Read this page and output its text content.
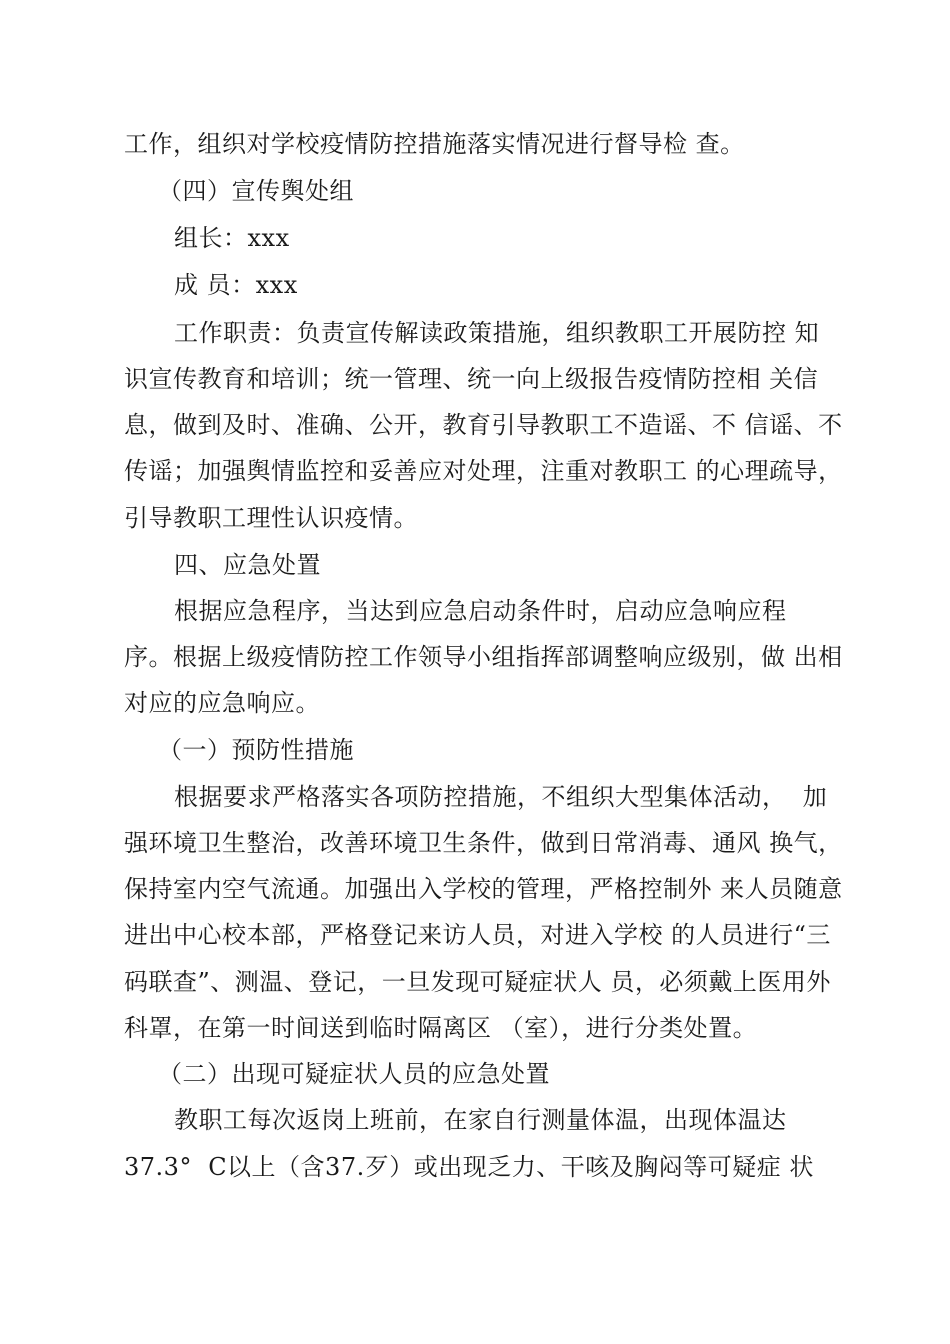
工作，组织对学校疫情防控措施落实情况进行督导检 查。
（四）宣传舆处组
组长：xxx
成 员：xxx
工作职责：负责宣传解读政策措施，组织教职工开展防控 知
识宣传教育和培训；统一管理、统一向上级报告疫情防控相 关信
息，做到及时、准确、公开，教育引导教职工不造谣、不 信谣、不
传谣；加强舆情监控和妥善应对处理，注重对教职工 的心理疏导，
引导教职工理性认识疫情。
四、应急处置
根据应急程序，当达到应急启动条件时，启动应急响应程
序。根据上级疫情防控工作领导小组指挥部调整响应级别，做 出相
对应的应急响应。
（一）预防性措施
根据要求严格落实各项防控措施，不组织大型集体活动，  加
强环境卫生整治，改善环境卫生条件，做到日常消毒、通风 换气，
保持室内空气流通。加强出入学校的管理，严格控制外 来人员随意
进出中心校本部，严格登记来访人员，对进入学校 的人员进行“三
码联查”、测温、登记，一旦发现可疑症状人 员，必须戴上医用外
科罩，在第一时间送到临时隔离区 （室），进行分类处置。
（二）出现可疑症状人员的应急处置
教职工每次返岗上班前，在家自行测量体温，出现体温达
37.3°  C以上（含37.歹）或出现乏力、干咳及胸闷等可疑症 状
